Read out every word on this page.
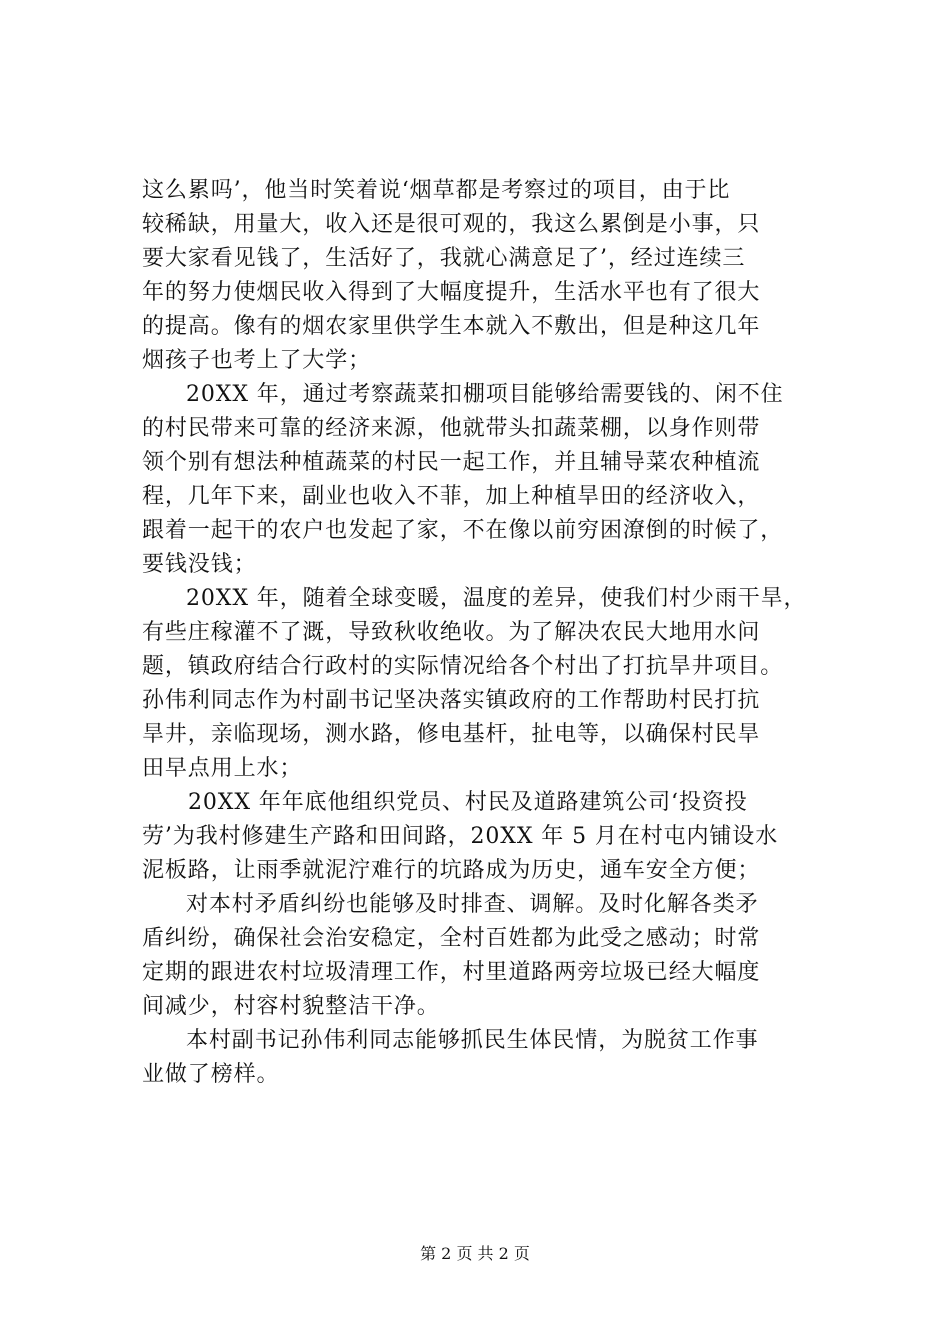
这么累吗’，他当时笑着说‘烟草都是考察过的项目，由于比
较稀缺，用量大，收入还是很可观的，我这么累倒是小事，只
要大家看见钱了，生活好了，我就心满意足了’，经过连续三
年的努力使烟民收入得到了大幅度提升，生活水平也有了很大
的提高。像有的烟农家里供学生本就入不敷出，但是种这几年
烟孩子也考上了大学；
20XX 年，通过考察蔬菜扣棚项目能够给需要钱的、闲不住
的村民带来可靠的经济来源，他就带头扣蔬菜棚，以身作则带
领个别有想法种植蔬菜的村民一起工作，并且辅导菜农种植流
程，几年下来，副业也收入不菲，加上种植旱田的经济收入，
跟着一起干的农户也发起了家，不在像以前穷困潦倒的时候了，
要钱没钱；
20XX 年，随着全球变暖，温度的差异，使我们村少雨干旱，
有些庄稼灌不了溉，导致秋收绝收。为了解决农民大地用水问
题，镇政府结合行政村的实际情况给各个村出了打抗旱井项目。
孙伟利同志作为村副书记坚决落实镇政府的工作帮助村民打抗
旱井，亲临现场，测水路，修电基杆，扯电等，以确保村民旱
田早点用上水；
20XX 年年底他组织党员、村民及道路建筑公司‘投资投
劳’为我村修建生产路和田间路，20XX 年 5 月在村屯内铺设水
泥板路，让雨季就泥泞难行的坑路成为历史，通车安全方便；
对本村矛盾纠纷也能够及时排查、调解。及时化解各类矛
盾纠纷，确保社会治安稳定，全村百姓都为此受之感动；时常
定期的跟进农村垃圾清理工作，村里道路两旁垃圾已经大幅度
间减少，村容村貌整洁干净。
本村副书记孙伟利同志能够抓民生体民情，为脱贫工作事
业做了榜样。
第 2 页 共 2 页
